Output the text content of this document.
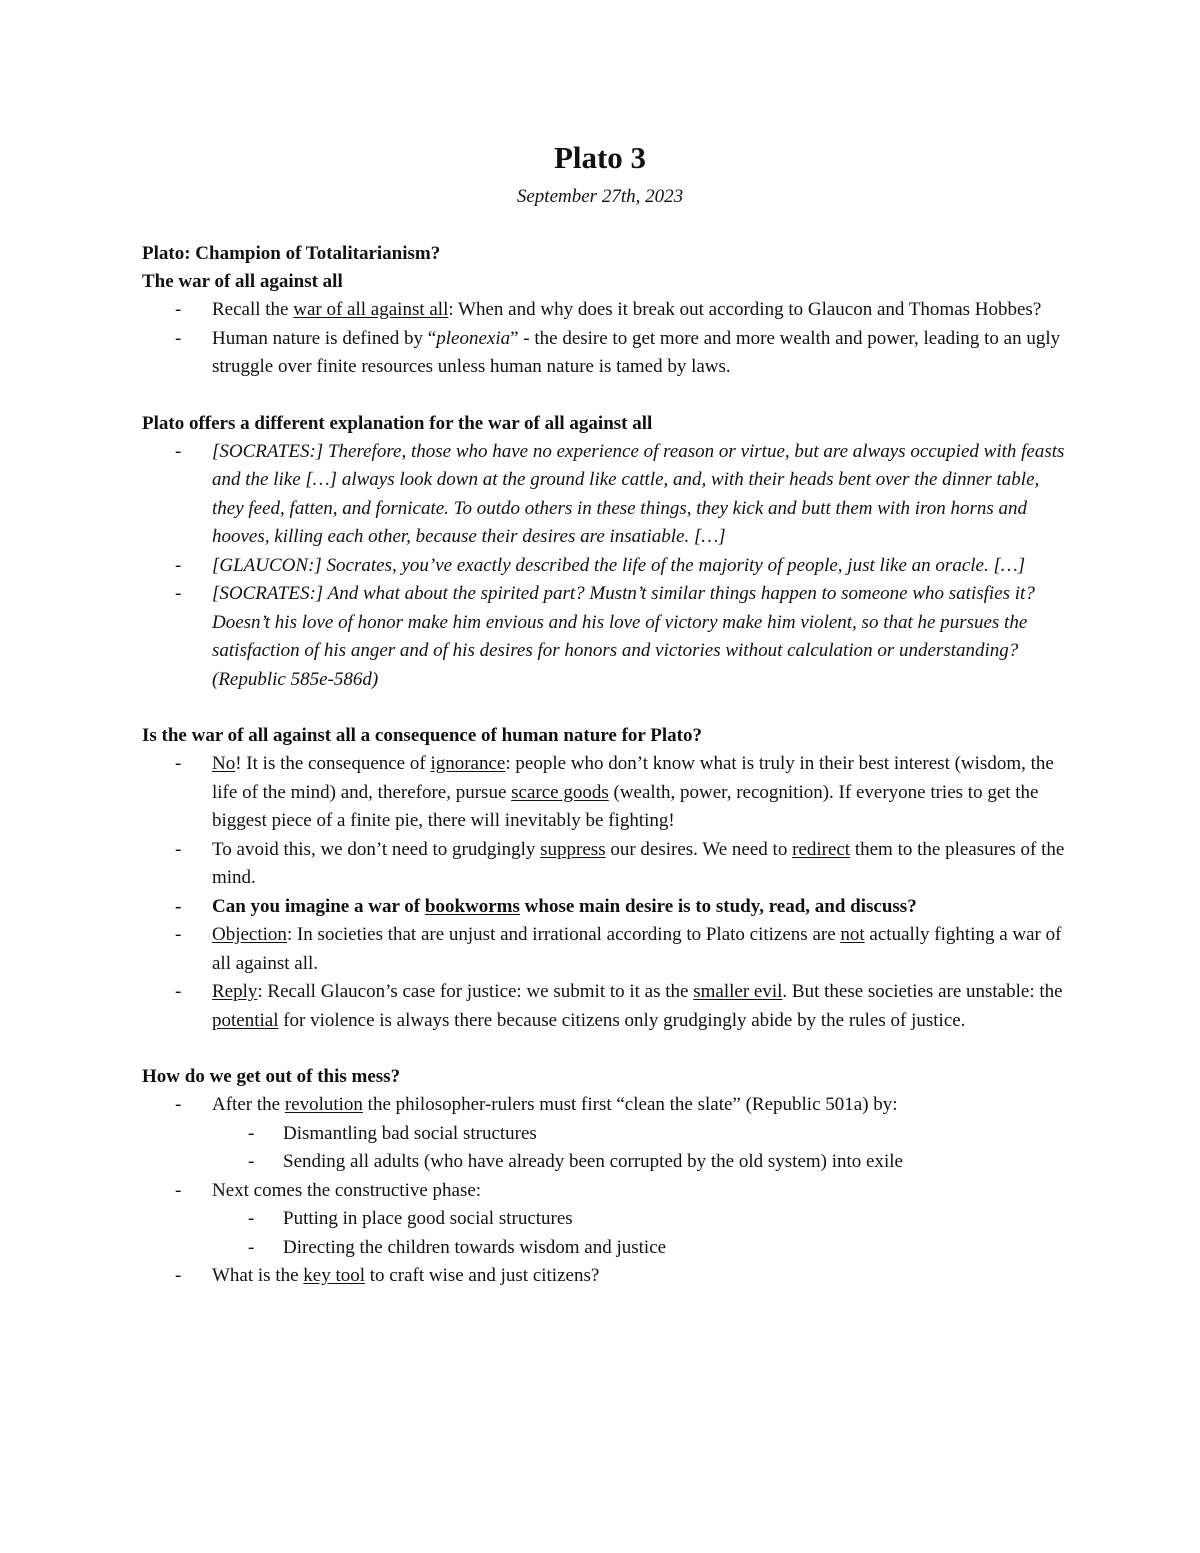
Plato 3
September 27th, 2023

Plato: Champion of Totalitarianism?

The war of all against all

- Recall the war of all against all: When and why does it break out according to Glaucon and Thomas Hobbes?
- Human nature is defined by “pleonexia” - the desire to get more and more wealth and power, leading to an ugly struggle over finite resources unless human nature is tamed by laws.

Plato offers a different explanation for the war of all against all

- [SOCRATES:] Therefore, those who have no experience of reason or virtue, but are always occupied with feasts and the like […] always look down at the ground like cattle, and, with their heads bent over the dinner table, they feed, fatten, and fornicate. To outdo others in these things, they kick and butt them with iron horns and hooves, killing each other, because their desires are insatiable. […]
- [GLAUCON:] Socrates, you’ve exactly described the life of the majority of people, just like an oracle. […]
- [SOCRATES:] And what about the spirited part? Mustn’t similar things happen to someone who satisfies it? Doesn’t his love of honor make him envious and his love of victory make him violent, so that he pursues the satisfaction of his anger and of his desires for honors and victories without calculation or understanding? (Republic 585e-586d)

Is the war of all against all a consequence of human nature for Plato?

- No! It is the consequence of ignorance: people who don’t know what is truly in their best interest (wisdom, the life of the mind) and, therefore, pursue scarce goods (wealth, power, recognition). If everyone tries to get the biggest piece of a finite pie, there will inevitably be fighting!
- To avoid this, we don’t need to grudgingly suppress our desires. We need to redirect them to the pleasures of the mind.
- Can you imagine a war of bookworms whose main desire is to study, read, and discuss?
- Objection: In societies that are unjust and irrational according to Plato citizens are not actually fighting a war of all against all.
- Reply: Recall Glaucon’s case for justice: we submit to it as the smaller evil. But these societies are unstable: the potential for violence is always there because citizens only grudgingly abide by the rules of justice.

How do we get out of this mess?

- After the revolution the philosopher-rulers must first “clean the slate” (Republic 501a) by:
- Dismantling bad social structures
- Sending all adults (who have already been corrupted by the old system) into exile
- Next comes the constructive phase:
- Putting in place good social structures
- Directing the children towards wisdom and justice
- What is the key tool to craft wise and just citizens?
